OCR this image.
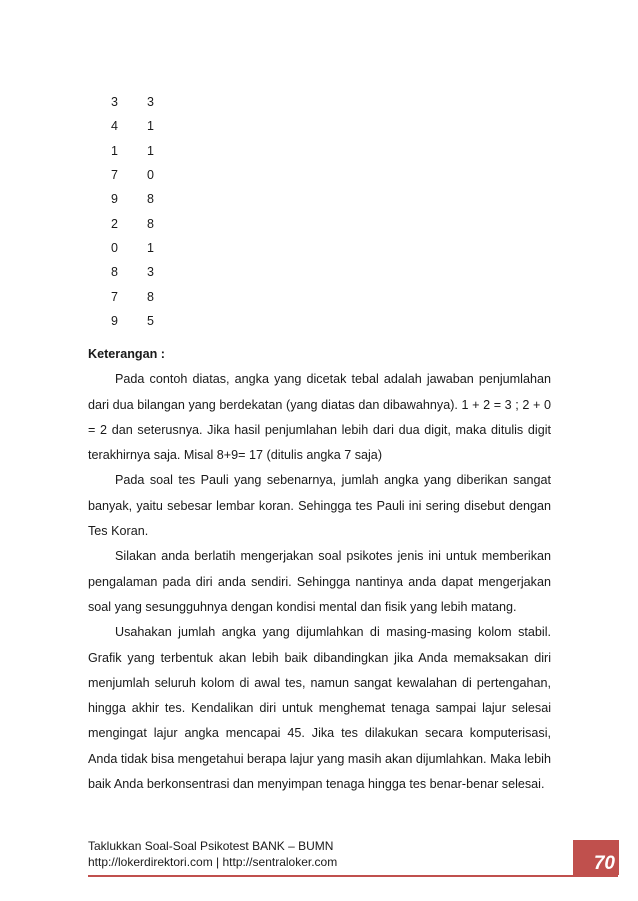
3	3
4	1
1	1
7	0
9	8
2	8
0	1
8	3
7	8
9	5

Keterangan :

Pada contoh diatas, angka yang dicetak tebal adalah jawaban penjumlahan dari dua bilangan yang berdekatan (yang diatas dan dibawahnya). 1 + 2 = 3 ; 2 + 0 = 2 dan seterusnya. Jika hasil penjumlahan lebih dari dua digit, maka ditulis digit terakhirnya saja. Misal 8+9= 17 (ditulis angka 7 saja)

Pada soal tes Pauli yang sebenarnya, jumlah angka yang diberikan sangat banyak, yaitu sebesar lembar koran. Sehingga tes Pauli ini sering disebut dengan Tes Koran.

Silakan anda berlatih mengerjakan soal psikotes jenis ini untuk memberikan pengalaman pada diri anda sendiri. Sehingga nantinya anda dapat mengerjakan soal yang sesungguhnya dengan kondisi mental dan fisik yang lebih matang.

Usahakan jumlah angka yang dijumlahkan di masing-masing kolom stabil. Grafik yang terbentuk akan lebih baik dibandingkan jika Anda memaksakan diri menjumlah seluruh kolom di awal tes, namun sangat kewalahan di pertengahan, hingga akhir tes. Kendalikan diri untuk menghemat tenaga sampai lajur selesai mengingat lajur angka mencapai 45. Jika tes dilakukan secara komputerisasi, Anda tidak bisa mengetahui berapa lajur yang masih akan dijumlahkan. Maka lebih baik Anda berkonsentrasi dan menyimpan tenaga hingga tes benar-benar selesai.

Taklukkan Soal-Soal Psikotest BANK – BUMN
http://lokerdirektori.com | http://sentraloker.com	70
